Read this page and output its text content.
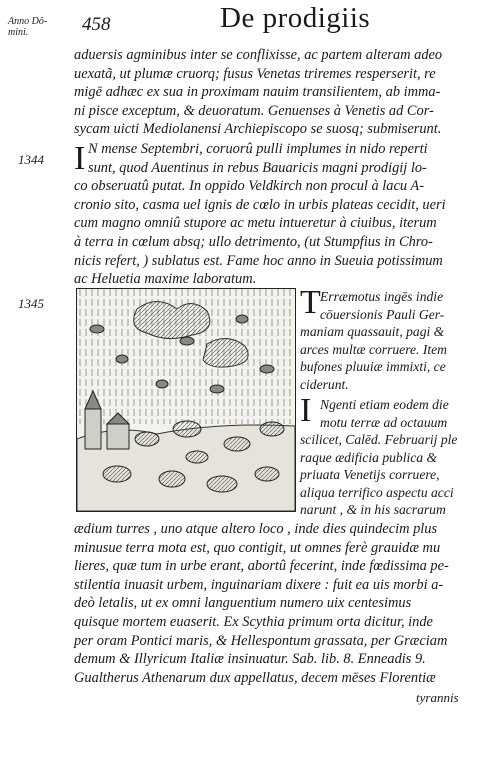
Anno Dô-
mini.	458	De prodigiis
aduersis agminibus inter se conflixisse, ac partem alteram adeo
uexatã, ut plumæ cruorq; fusus Venetas triremes resperserit, re
migē adhæc ex sua in proximam nauim transilientem, ab imma-
ni pisce exceptum, & deuoratum. Genuenses à Venetis ad Cor-
sycam uicti Mediolanensi Archiepiscopo se suosq; submiserunt.
1344 I N mense Septembri, coruorû pulli implumes in nido reperti
sunt, quod Auentinus in rebus Bauaricis magni prodigij lo-
co obseruatû putat. In oppido Veldkirch non procul à lacu A-
cronio sito, casma uel ignis de cœlo in urbis plateas cecidit, ueri
cum magno omniû stupore ac metu intueretur à ciuibus, iterum
à terra in cœlum absq; ullo detrimento, (ut Stumpfius in Chro-
nicis refert, ) sublatus est. Fame hoc anno in Sueuia potissimum
ac Heluetia maxime laboratum.
1345	T Erræmotus ingēs indie
cōuersionis Pauli Ger-
maniam quassauit, pagi &
arces multæ corruere. Item
bufones pluuiæ immixti, ce
ciderunt.
I Ngenti etiam eodem die
motu terræ ad octauum
scilicet, Calēd. Februarij ple
raque ædificia publica &
priuata Venetijs corruere,
aliqua terrifico aspectu acci
narunt , & in his sacrarum
ædium turres , uno atque altero loco , inde dies quindecim plus
minusue terra mota est, quo contigit, ut omnes ferè grauidæ mu
lieres, quæ tum in urbe erant, abortû fecerint, inde fœdissima pe-
stilentia inuasit urbem, inguinariam dixere : fuit ea uis morbi a-
deò letalis, ut ex omni languentium numero uix centesimus
quisque mortem euaserit. Ex Scythia primum orta dicitur, inde
per oram Pontici maris, & Hellespontum grassata, per Græciam
demum & Illyricum Italiæ insinuatur. Sab. lib. 8. Enneadis 9.
Gualtherus Athenarum dux appellatus, decem mēses Florentiæ
tyrannis
